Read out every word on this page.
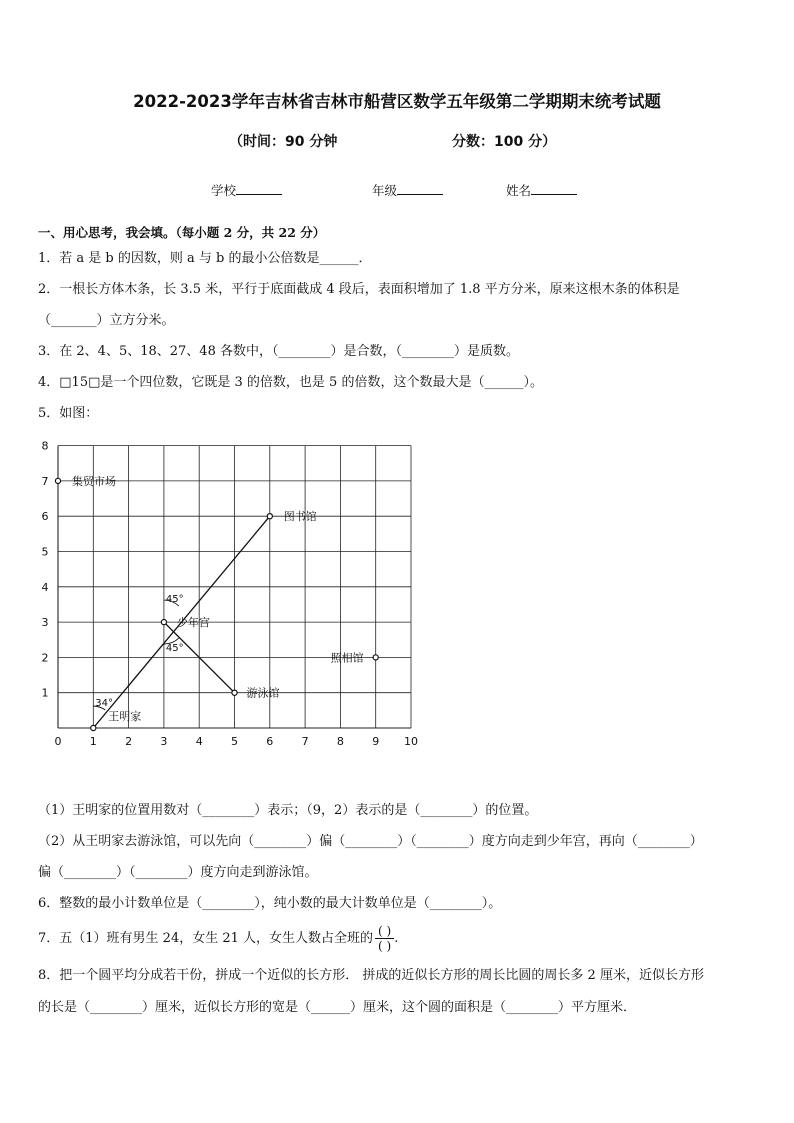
2022-2023学年吉林省吉林市船营区数学五年级第二学期期末统考试题
（时间：90 分钟	分数：100 分）
学校	年级	姓名
一、用心思考，我会填。（每小题 2 分，共 22 分）
1．若 a 是 b 的因数，则 a 与 b 的最小公倍数是______．
2．一根长方体木条，长 3.5 米，平行于底面截成 4 段后，表面积增加了 1.8 平方分米，原来这根木条的体积是
（_______）立方分米。
3．在 2、4、5、18、27、48 各数中，（________）是合数，（________）是质数。
4．□15□是一个四位数，它既是 3 的倍数，也是 5 的倍数，这个数最大是（______）。
5．如图：
0	1	2	3	4	5	6	7	8	9 10
1
2
3
4
5
6
7
8
集贸市场
图书馆
少年宫
照相馆
游泳馆
王明家
34°
45°
45°
（1）王明家的位置用数对（________）表示；（9，2）表示的是（________）的位置。
（2）从王明家去游泳馆，可以先向（________）偏（________）（________）度方向走到少年宫，再向（________）
偏（________）（________）度方向走到游泳馆。
6．整数的最小计数单位是（________），纯小数的最大计数单位是（________）。
7．五（1）班有男生 24，女生 21 人，女生人数占全班的 $\frac{( )}{( )}$ .
8．把一个圆平均分成若干份，拼成一个近似的长方形． 拼成的近似长方形的周长比圆的周长多 2 厘米，近似长方形
的长是（________）厘米，近似长方形的宽是（______）厘米，这个圆的面积是（________）平方厘米．
